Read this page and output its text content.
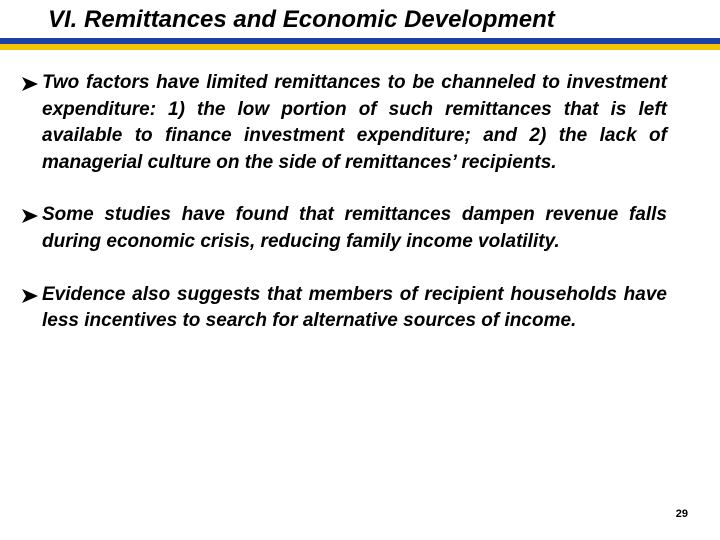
VI. Remittances and Economic Development
Two factors have limited remittances to be channeled to investment expenditure: 1) the low portion of such remittances that is left available to finance investment expenditure; and 2) the lack of managerial culture on the side of remittances’ recipients.
Some studies have found that remittances dampen revenue falls during economic crisis, reducing family income volatility.
Evidence also suggests that members of recipient households have less incentives to search for alternative sources of income.
29
